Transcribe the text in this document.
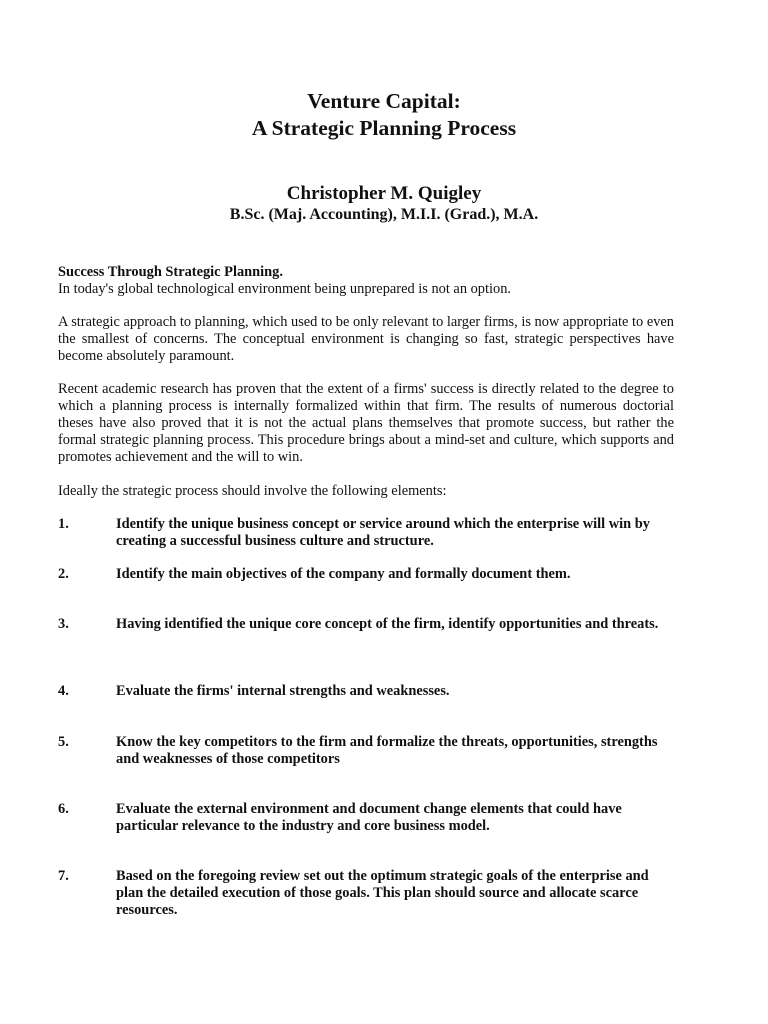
Venture Capital:
A Strategic Planning Process
Christopher M. Quigley
B.Sc. (Maj. Accounting), M.I.I. (Grad.), M.A.
Success Through Strategic Planning.
In today's global technological environment being unprepared is not an option.

A strategic approach to planning, which used to be only relevant to larger firms, is now appropriate to even the smallest of concerns. The conceptual environment is changing so fast, strategic perspectives have become absolutely paramount.

Recent academic research has proven that the extent of a firms' success is directly related to the degree to which a planning process is internally formalized within that firm. The results of numerous doctorial theses have also proved that it is not the actual plans themselves that promote success, but rather the formal strategic planning process. This procedure brings about a mind-set and culture, which supports and promotes achievement and the will to win.

Ideally the strategic process should involve the following elements:

1.	Identify the unique business concept or service around which the enterprise will win by creating a successful business culture and structure.
2.	Identify the main objectives of the company and formally document them.
3.	Having identified the unique core concept of the firm, identify opportunities and threats.
4.	Evaluate the firms' internal strengths and weaknesses.
5.	Know the key competitors to the firm and formalize the threats, opportunities, strengths and weaknesses of those competitors
6.	Evaluate the external environment and document change elements that could have particular relevance to the industry and core business model.
7.	Based on the foregoing review set out the optimum strategic goals of the enterprise and plan the detailed execution of those goals. This plan should source and allocate scarce resources.
